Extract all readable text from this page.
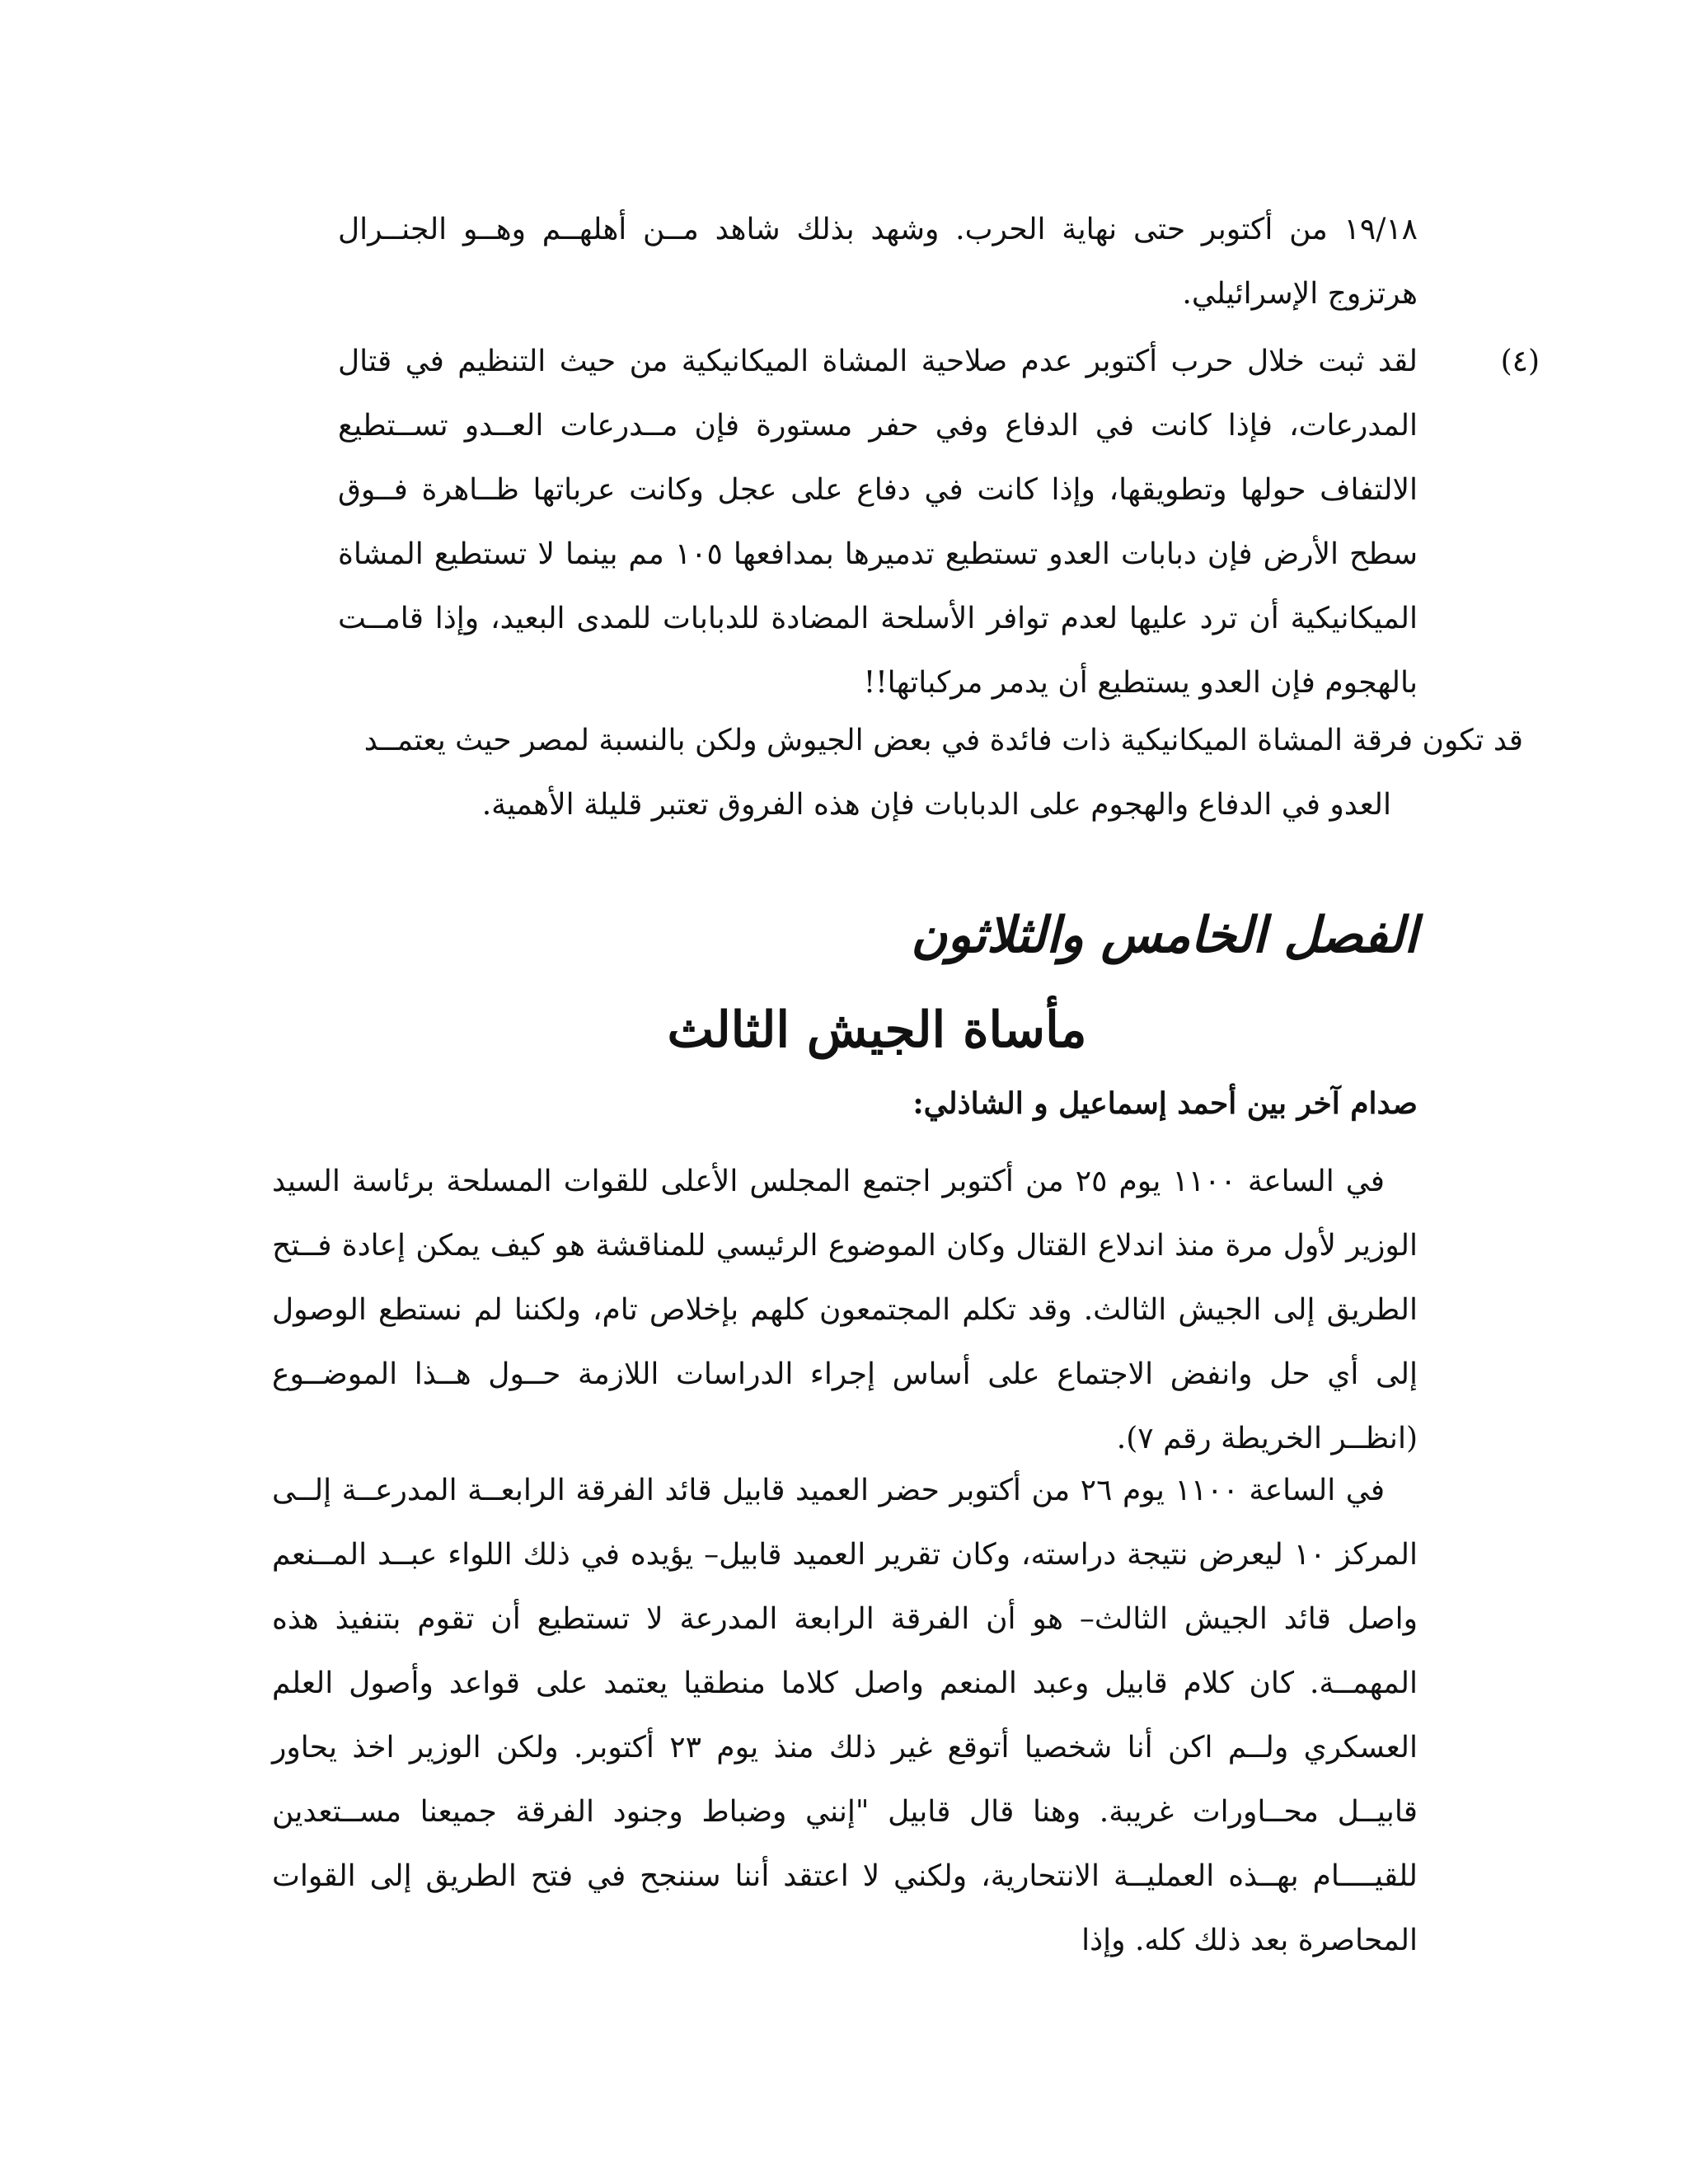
١٩/١٨ من أكتوبر حتى نهاية الحرب. وشهد بذلك شاهد مــن أهلهــم وهــو الجنــرال هرتزوج الإسرائيلي.
(٤)
لقد ثبت خلال حرب أكتوبر عدم صلاحية المشاة الميكانيكية من حيث التنظيم في قتال المدرعات، فإذا كانت في الدفاع وفي حفر مستورة فإن مــدرعات العــدو تســتطيع الالتفاف حولها وتطويقها، وإذا كانت في دفاع على عجل وكانت عرباتها ظــاهرة فــوق سطح الأرض فإن دبابات العدو تستطيع تدميرها بمدافعها ١٠٥ مم بينما لا تستطيع المشاة الميكانيكية أن ترد عليها لعدم توافر الأسلحة المضادة للدبابات للمدى البعيد، وإذا قامــت بالهجوم فإن العدو يستطيع أن يدمر مركباتها!!
قد تكون فرقة المشاة الميكانيكية ذات فائدة في بعض الجيوش ولكن بالنسبة لمصر حيث يعتمــد
العدو في الدفاع والهجوم على الدبابات فإن هذه الفروق تعتبر قليلة الأهمية.
الفصل الخامس والثلاثون
مأساة الجيش الثالث
صدام آخر بين أحمد إسماعيل و الشاذلي:
في الساعة ١١٠٠ يوم ٢٥ من أكتوبر اجتمع المجلس الأعلى للقوات المسلحة برئاسة السيد الوزير لأول مرة منذ اندلاع القتال وكان الموضوع الرئيسي للمناقشة هو كيف يمكن إعادة فــتح الطريق إلى الجيش الثالث. وقد تكلم المجتمعون كلهم بإخلاص تام، ولكننا لم نستطع الوصول إلى أي حل وانفض الاجتماع على أساس إجراء الدراسات اللازمة حــول هــذا الموضــوع (انظــر الخريطة رقم ٧).
في الساعة ١١٠٠ يوم ٢٦ من أكتوبر حضر العميد قابيل قائد الفرقة الرابعــة المدرعــة إلــى المركز ١٠ ليعرض نتيجة دراسته، وكان تقرير العميد قابيل– يؤيده في ذلك اللواء عبــد المــنعم واصل قائد الجيش الثالث– هو أن الفرقة الرابعة المدرعة لا تستطيع أن تقوم بتنفيذ هذه المهمــة. كان كلام قابيل وعبد المنعم واصل كلاما منطقيا يعتمد على قواعد وأصول العلم العسكري ولــم اكن أنا شخصيا أتوقع غير ذلك منذ يوم ٢٣ أكتوبر. ولكن الوزير اخذ يحاور قابيــل محــاورات غريبة. وهنا قال قابيل "إنني وضباط وجنود الفرقة جميعنا مســتعدين للقيــــام بهــذه العمليــة الانتحارية، ولكني لا اعتقد أننا سننجح في فتح الطريق إلى القوات المحاصرة بعد ذلك كله. وإذا
